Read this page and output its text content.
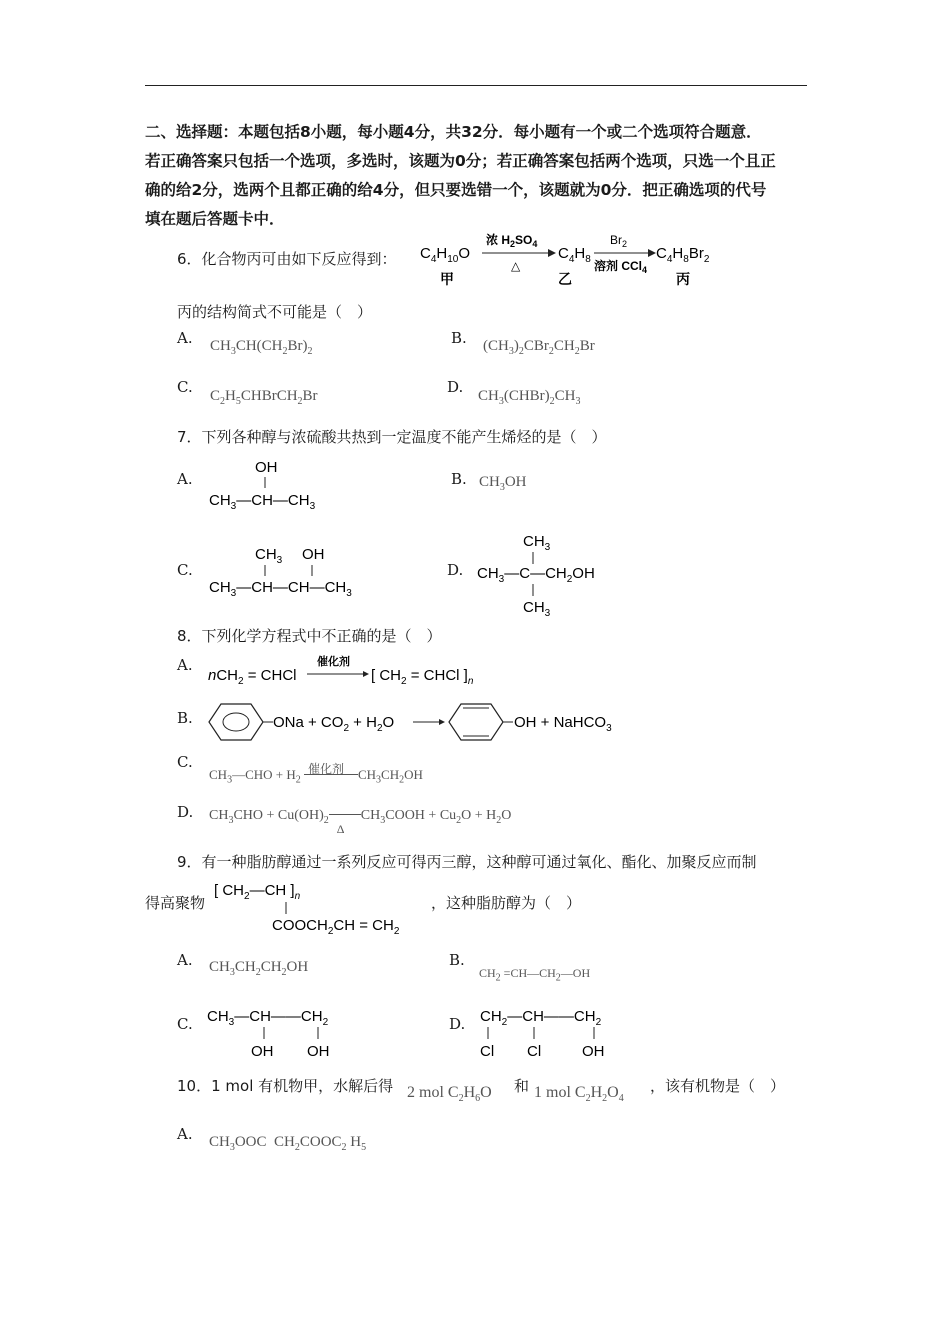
二、选择题：本题包括8小题，每小题4分，共32分．每小题有一个或二个选项符合题意．

若正确答案只包括一个选项，多选时，该题为0分；若正确答案包括两个选项，只选一个且正

确的给2分，选两个且都正确的给4分，但只要选错一个，该题就为0分．把正确选项的代号

填在题后答题卡中．

6．化合物丙可由如下反应得到： $C_4H_{10}O$
浓 $H_2SO_4$
△
$C_4H_8$
$Br_2$
溶剂 CCl$_4$
$C_4H_8Br_2$
甲	乙	丙
丙的结构简式不可能是（　）
A. $CH_3CH(CH_2Br)_2$
B. $(CH_3)_2CBr_2CH_2Br$
C. $C_2H_5CHBrCH_2Br$	D. $CH_3(CHBr)_2CH_3$
7．下列各种醇与浓硫酸共热到一定温度不能产生烯烃的是（　）
A.
OH
$CH_3—CH—CH_3$
B. $CH_3OH$
C.
$CH_3$ OH
$CH_3—CH—CH—CH_3$
D.
$CH_3$
$CH_3—C—CH_2OH$
$CH_3$
8．下列化学方程式中不正确的是（　）
A.
nCH$_2$ = CHCl
催化剂
[ $CH_2$ = CHCl ]$_n$
B.	ONa + $CO_2 + H_2O$	OH + NaHCO$_3$
C.
$CH_3—CHO + H_2$
催化剂 $CH_3CH_2OH$
D. $CH_3CHO + Cu(OH)_2$
Δ
$CH_3COOH + Cu_2O + H_2O$
9．有一种脂肪醇通过一系列反应可得丙三醇，这种醇可通过氧化、酯化、加聚反应而制
得高聚物
[ $CH_2—CH$ ]$_n$
$COOCH_2CH = CH_2$
，这种脂肪醇为（　）
A. $CH_3CH_2CH_2OH$	B.
$CH_2$ $=CH—CH_2—OH$
C. $CH_3—CH——CH_2$
OH OH
D. $CH_2—CH——CH_2$
Cl Cl	OH
10．1 mol 有机物甲，水解后得 2 mol $C_2H_6O$ 和 1 mol $C_2H_2O_4$
，该有机物是（　）
A. $CH_3OOC$  $CH_2COOC_2$ $H_5$
